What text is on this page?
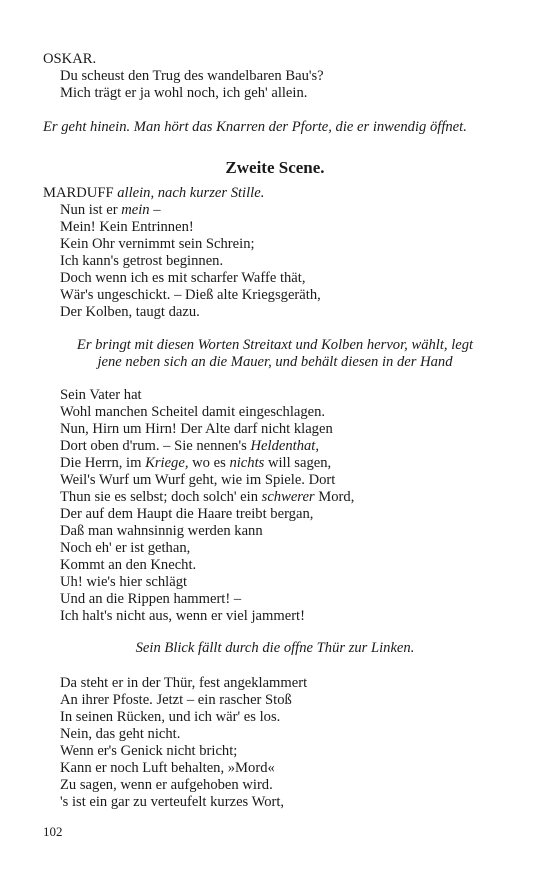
OSKAR.
Du scheust den Trug des wandelbaren Bau's?
Mich trägt er ja wohl noch, ich geh' allein.
Er geht hinein. Man hört das Knarren der Pforte, die er inwendig öffnet.
Zweite Scene.
MARDUFF allein, nach kurzer Stille.
Nun ist er mein –
Mein! Kein Entrinnen!
Kein Ohr vernimmt sein Schrein;
Ich kann's getrost beginnen.
Doch wenn ich es mit scharfer Waffe thät,
Wär's ungeschickt. – Dieß alte Kriegsgeräth,
Der Kolben, taugt dazu.
Er bringt mit diesen Worten Streitaxt und Kolben hervor, wählt, legt
jene neben sich an die Mauer, und behält diesen in der Hand
Sein Vater hat
Wohl manchen Scheitel damit eingeschlagen.
Nun, Hirn um Hirn! Der Alte darf nicht klagen
Dort oben d'rum. – Sie nennen's Heldenthat,
Die Herrn, im Kriege, wo es nichts will sagen,
Weil's Wurf um Wurf geht, wie im Spiele. Dort
Thun sie es selbst; doch solch' ein schwerer Mord,
Der auf dem Haupt die Haare treibt bergan,
Daß man wahnsinnig werden kann
Noch eh' er ist gethan,
Kommt an den Knecht.
Uh! wie's hier schlägt
Und an die Rippen hammert! –
Ich halt's nicht aus, wenn er viel jammert!
Sein Blick fällt durch die offne Thür zur Linken.
Da steht er in der Thür, fest angeklammert
An ihrer Pfoste. Jetzt – ein rascher Stoß
In seinen Rücken, und ich wär' es los.
Nein, das geht nicht.
Wenn er's Genick nicht bricht;
Kann er noch Luft behalten, »Mord«
Zu sagen, wenn er aufgehoben wird.
's ist ein gar zu verteufelt kurzes Wort,
102
